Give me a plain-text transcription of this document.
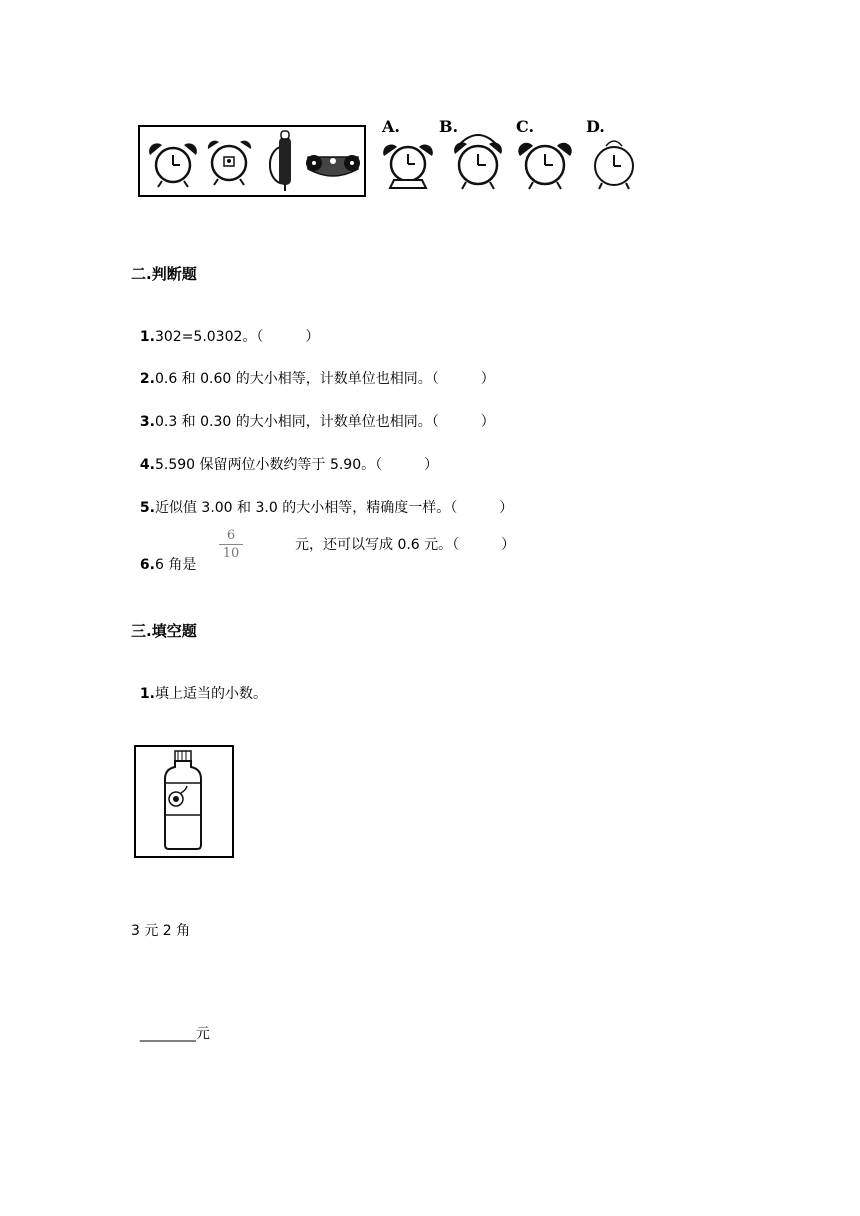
A. B.	C.	D.
二.判断题

1.302=5.0302。（　　　）

2.0.6 和 0.60 的大小相等，计数单位也相同。（　　　）

3.0.3 和 0.30 的大小相同，计数单位也相同。（　　　）

4.5.590 保留两位小数约等于 5.90。（　　　）

5.近似值 3.00 和 3.0 的大小相等，精确度一样。（　　　）

6.6 角是

6
10
元，还可以写成 0.6 元。（　　　）
三.填空题

1.填上适当的小数。

3 元 2 角

________元
